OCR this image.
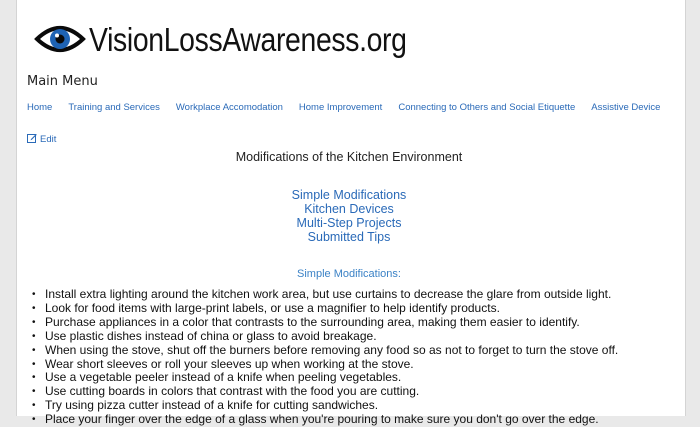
VisionLossAwareness.org
Main Menu
Home Training and Services Workplace Accomodation Home Improvement Connecting to Others and Social Etiquette Assistive Device
Edit
Modifications of the Kitchen Environment
Simple Modifications
Kitchen Devices
Multi-Step Projects
Submitted Tips
Simple Modifications:
• Install extra lighting around the kitchen work area, but use curtains to decrease the glare from outside light.
• Look for food items with large-print labels, or use a magnifier to help identify products.
• Purchase appliances in a color that contrasts to the surrounding area, making them easier to identify.
• Use plastic dishes instead of china or glass to avoid breakage.
• When using the stove, shut off the burners before removing any food so as not to forget to turn the stove off.
• Wear short sleeves or roll your sleeves up when working at the stove.
• Use a vegetable peeler instead of a knife when peeling vegetables.
• Use cutting boards in colors that contrast with the food you are cutting.
• Try using pizza cutter instead of a knife for cutting sandwiches.
• Place your finger over the edge of a glass when you're pouring to make sure you don't go over the edge.
